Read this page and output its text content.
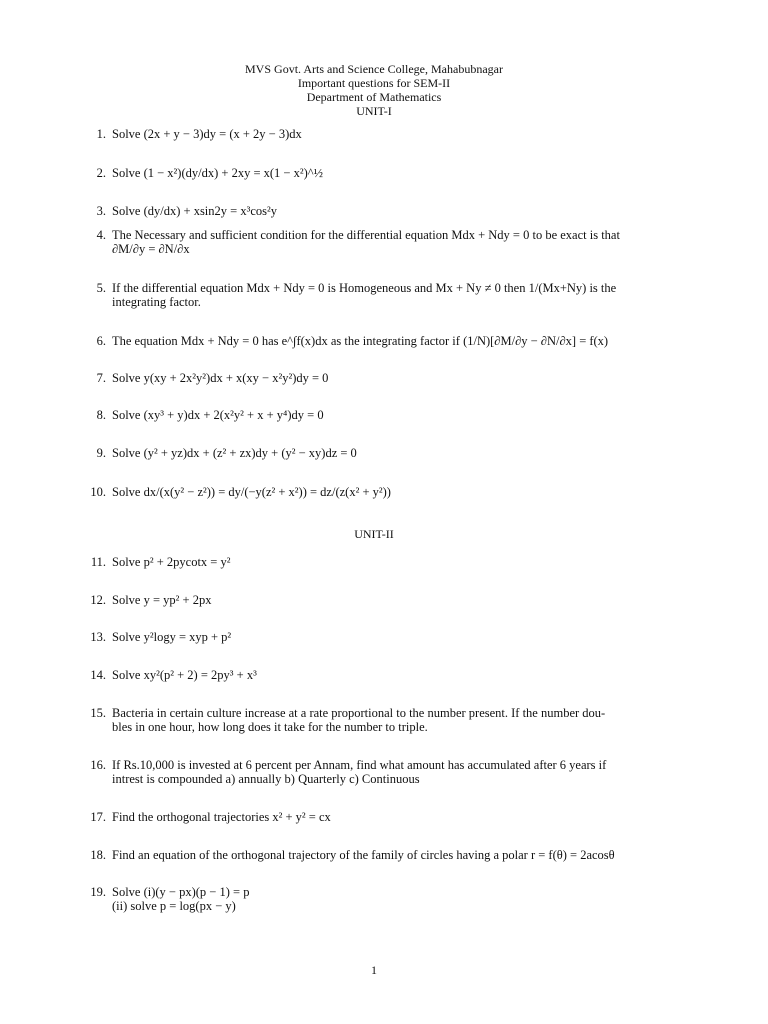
MVS Govt. Arts and Science College, Mahabubnagar
Important questions for SEM-II
Department of Mathematics
UNIT-I
1. Solve (2x + y − 3)dy = (x + 2y − 3)dx
2. Solve (1 − x²)(dy/dx) + 2xy = x(1 − x²)^½
3. Solve (dy/dx) + xsin2y = x³cos²y
4. The Necessary and sufficient condition for the differential equation Mdx + Ndy = 0 to be exact is that
∂M/∂y = ∂N/∂x
5. If the differential equation Mdx + Ndy = 0 is Homogeneous and Mx + Ny ≠ 0 then 1/(Mx+Ny) is the
integrating factor.
6. The equation Mdx + Ndy = 0 has e^∫f(x)dx as the integrating factor if (1/N)[∂M/∂y − ∂N/∂x] = f(x)
7. Solve y(xy + 2x²y²)dx + x(xy − x²y²)dy = 0
8. Solve (xy³ + y)dx + 2(x²y² + x + y⁴)dy = 0
9. Solve (y² + yz)dx + (z² + zx)dy + (y² − xy)dz = 0
10. Solve dx/(x(y² − z²)) = dy/(−y(z² + x²)) = dz/(z(x² + y²))
UNIT-II
11. Solve p² + 2pycotx = y²
12. Solve y = yp² + 2px
13. Solve y²logy = xyp + p²
14. Solve xy²(p² + 2) = 2py³ + x³
15. Bacteria in certain culture increase at a rate proportional to the number present. If the number dou-
bles in one hour, how long does it take for the number to triple.
16. If Rs.10,000 is invested at 6 percent per Annam, find what amount has accumulated after 6 years if
intrest is compounded a) annually b) Quarterly c) Continuous
17. Find the orthogonal trajectories x² + y² = cx
18. Find an equation of the orthogonal trajectory of the family of circles having a polar r = f(θ) = 2acosθ
19. Solve (i)(y − px)(p − 1) = p
(ii) solve p = log(px − y)
1
